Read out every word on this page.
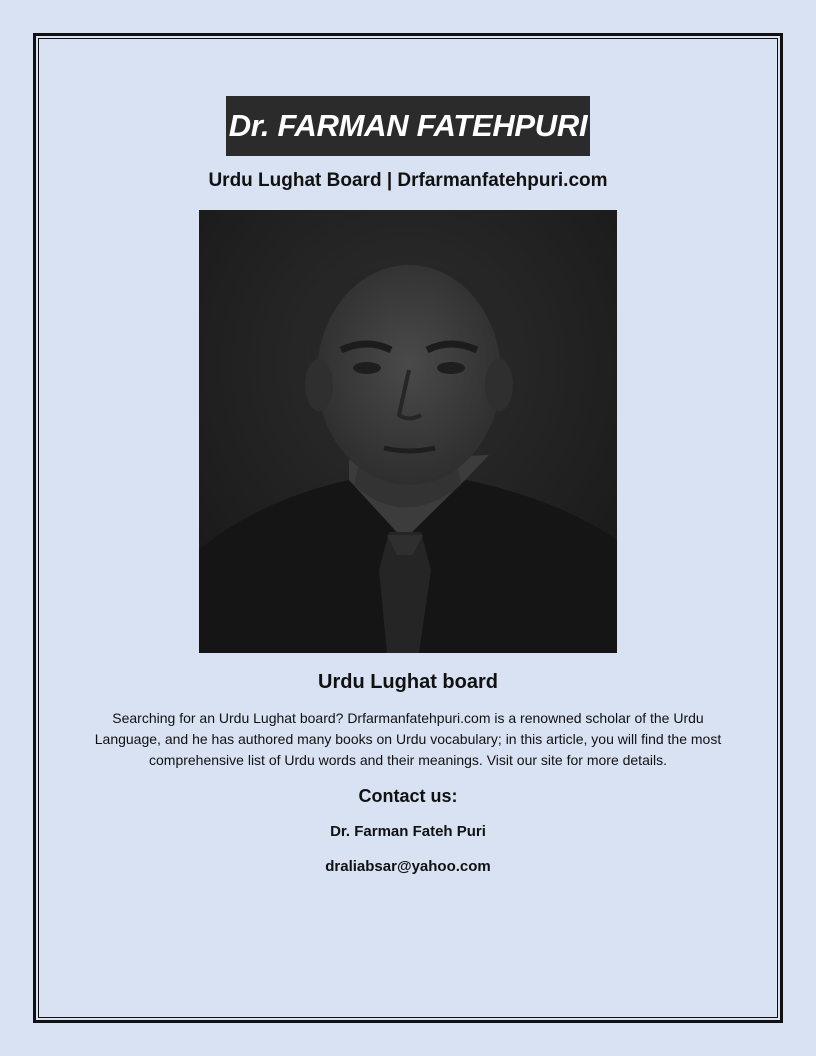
Dr. FARMAN FATEHPURI
Urdu Lughat Board | Drfarmanfatehpuri.com
Urdu Lughat board
Searching for an Urdu Lughat board? Drfarmanfatehpuri.com is a renowned scholar of the Urdu Language, and he has authored many books on Urdu vocabulary; in this article, you will find the most comprehensive list of Urdu words and their meanings. Visit our site for more details.
Contact us:
Dr. Farman Fateh Puri
draliabsar@yahoo.com
